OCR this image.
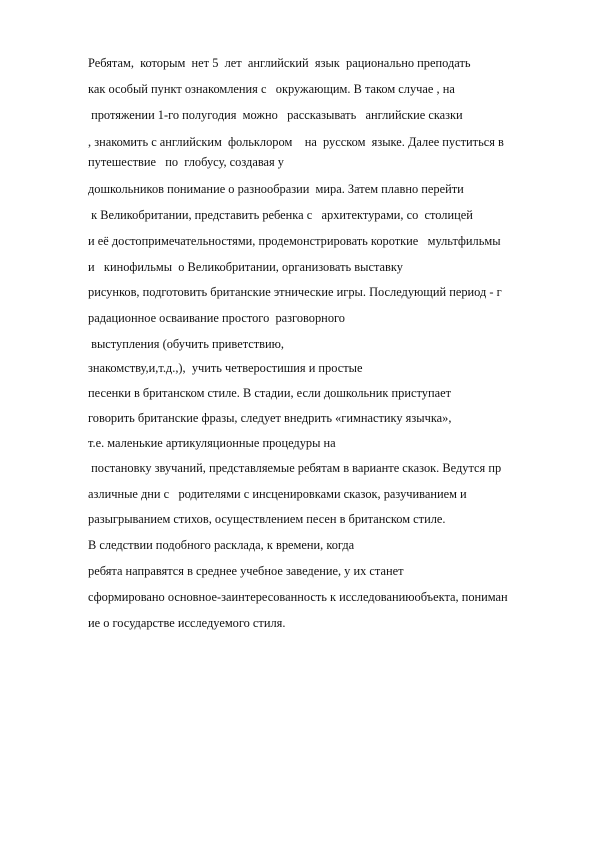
Ребятам,  которым  нет 5  лет  английский  язык  рационально преподать
как особый пункт ознакомления с   окружающим. В таком случае , на
протяжении 1-го полугодия  можно   рассказывать   английские сказки
, знакомить с английским  фольклором    на  русском  языке. Далее пуститься в
путешествие   по  глобусу, создавая у
дошкольников понимание о разнообразии  мира. Затем плавно перейти
к Великобритании, представить ребенка с   архитектурами, со  столицей
и её достопримечательностями, продемонстрировать короткие   мультфильмы
и   кинофильмы  о Великобритании, организовать выставку
рисунков, подготовить британские этнические игры. Последующий период - г
радационное осваивание простого  разговорного
выступления (обучить приветствию,
знакомству,и,т.д.,),  учить четверостишия и простые
песенки в британском стиле. В стадии, если дошкольник приступает
говорить британские фразы, следует внедрить «гимнастику язычка»,
т.е. маленькие артикуляционные процедуры на
постановку звучаний, представляемые ребятам в варианте сказок. Ведутся пр
азличные дни с   родителями с инсценировками сказок, разучиванием и
разыгрыванием стихов, осуществлением песен в британском стиле.
В следствии подобного расклада, к времени, когда
ребята направятся в среднее учебное заведение, у их станет
сформировано основное-заинтересованность к исследованиюобъекта, пониман
ие о государстве исследуемого стиля.
